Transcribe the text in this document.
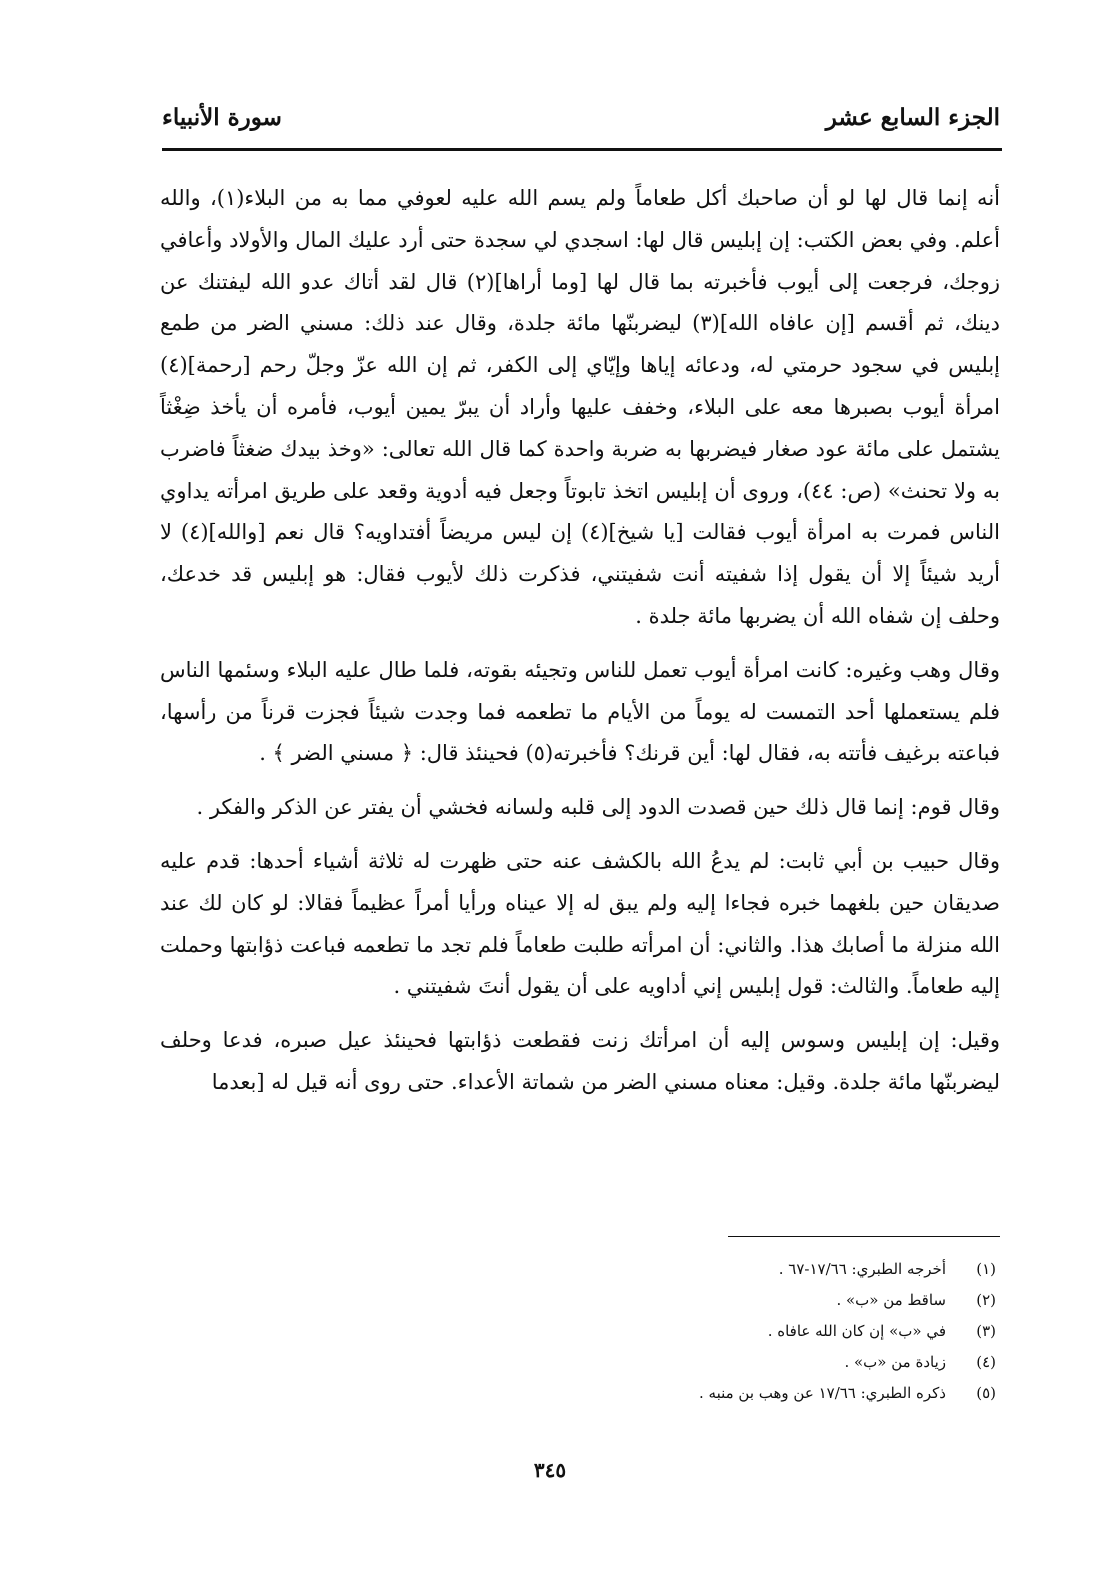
الجزء السابع عشر
سورة الأنبياء

أنه إنما قال لها لو أن صاحبك أكل طعاماً ولم يسم الله عليه لعوفي مما به من البلاء(١)، والله أعلم. وفي بعض الكتب: إن إبليس قال لها: اسجدي لي سجدة حتى أرد عليك المال والأولاد وأعافي زوجك، فرجعت إلى أيوب فأخبرته بما قال لها [وما أراها](٢) قال لقد أتاك عدو الله ليفتنك عن دينك، ثم أقسم [إن عافاه الله](٣) ليضربنّها مائة جلدة، وقال عند ذلك: مسني الضر من طمع إبليس في سجود حرمتي له، ودعائه إياها وإيّاي إلى الكفر، ثم إن الله عزّ وجلّ رحم [رحمة](٤) امرأة أيوب بصبرها معه على البلاء، وخفف عليها وأراد أن يبرّ يمين أيوب، فأمره أن يأخذ ضِغْثاً يشتمل على مائة عود صغار فيضربها به ضربة واحدة كما قال الله تعالى: «وخذ بيدك ضغثاً فاضرب به ولا تحنث» (ص: ٤٤)، وروى أن إبليس اتخذ تابوتاً وجعل فيه أدوية وقعد على طريق امرأته يداوي الناس فمرت به امرأة أيوب فقالت [يا شيخ](٤) إن ليس مريضاً أفتداويه؟ قال نعم [والله](٤) لا أريد شيئاً إلا أن يقول إذا شفيته أنت شفيتني، فذكرت ذلك لأيوب فقال: هو إبليس قد خدعك، وحلف إن شفاه الله أن يضربها مائة جلدة .

وقال وهب وغيره: كانت امرأة أيوب تعمل للناس وتجيئه بقوته، فلما طال عليه البلاء وسئمها الناس فلم يستعملها أحد التمست له يوماً من الأيام ما تطعمه فما وجدت شيئاً فجزت قرناً من رأسها، فباعته برغيف فأتته به، فقال لها: أين قرنك؟ فأخبرته(٥) فحينئذ قال: ﴿ مسني الضر ﴾ .

وقال قوم: إنما قال ذلك حين قصدت الدود إلى قلبه ولسانه فخشي أن يفتر عن الذكر والفكر .

وقال حبيب بن أبي ثابت: لم يدعُ الله بالكشف عنه حتى ظهرت له ثلاثة أشياء أحدها: قدم عليه صديقان حين بلغهما خبره فجاءا إليه ولم يبق له إلا عيناه ورأيا أمراً عظيماً فقالا: لو كان لك عند الله منزلة ما أصابك هذا. والثاني: أن امرأته طلبت طعاماً فلم تجد ما تطعمه فباعت ذؤابتها وحملت إليه طعاماً. والثالث: قول إبليس إني أداويه على أن يقول أنتَ شفيتني .

وقيل: إن إبليس وسوس إليه أن امرأتك زنت فقطعت ذؤابتها فحينئذ عيل صبره، فدعا وحلف ليضربنّها مائة جلدة. وقيل: معناه مسني الضر من شماتة الأعداء. حتى روى أنه قيل له [بعدما

(١)
أخرجه الطبري: ١٧/٦٦-٦٧ .
(٢)
ساقط من «ب» .
(٣)
في «ب» إن كان الله عافاه .
(٤)
زيادة من «ب» .
(٥)
ذكره الطبري: ١٧/٦٦ عن وهب بن منبه .
٣٤٥
